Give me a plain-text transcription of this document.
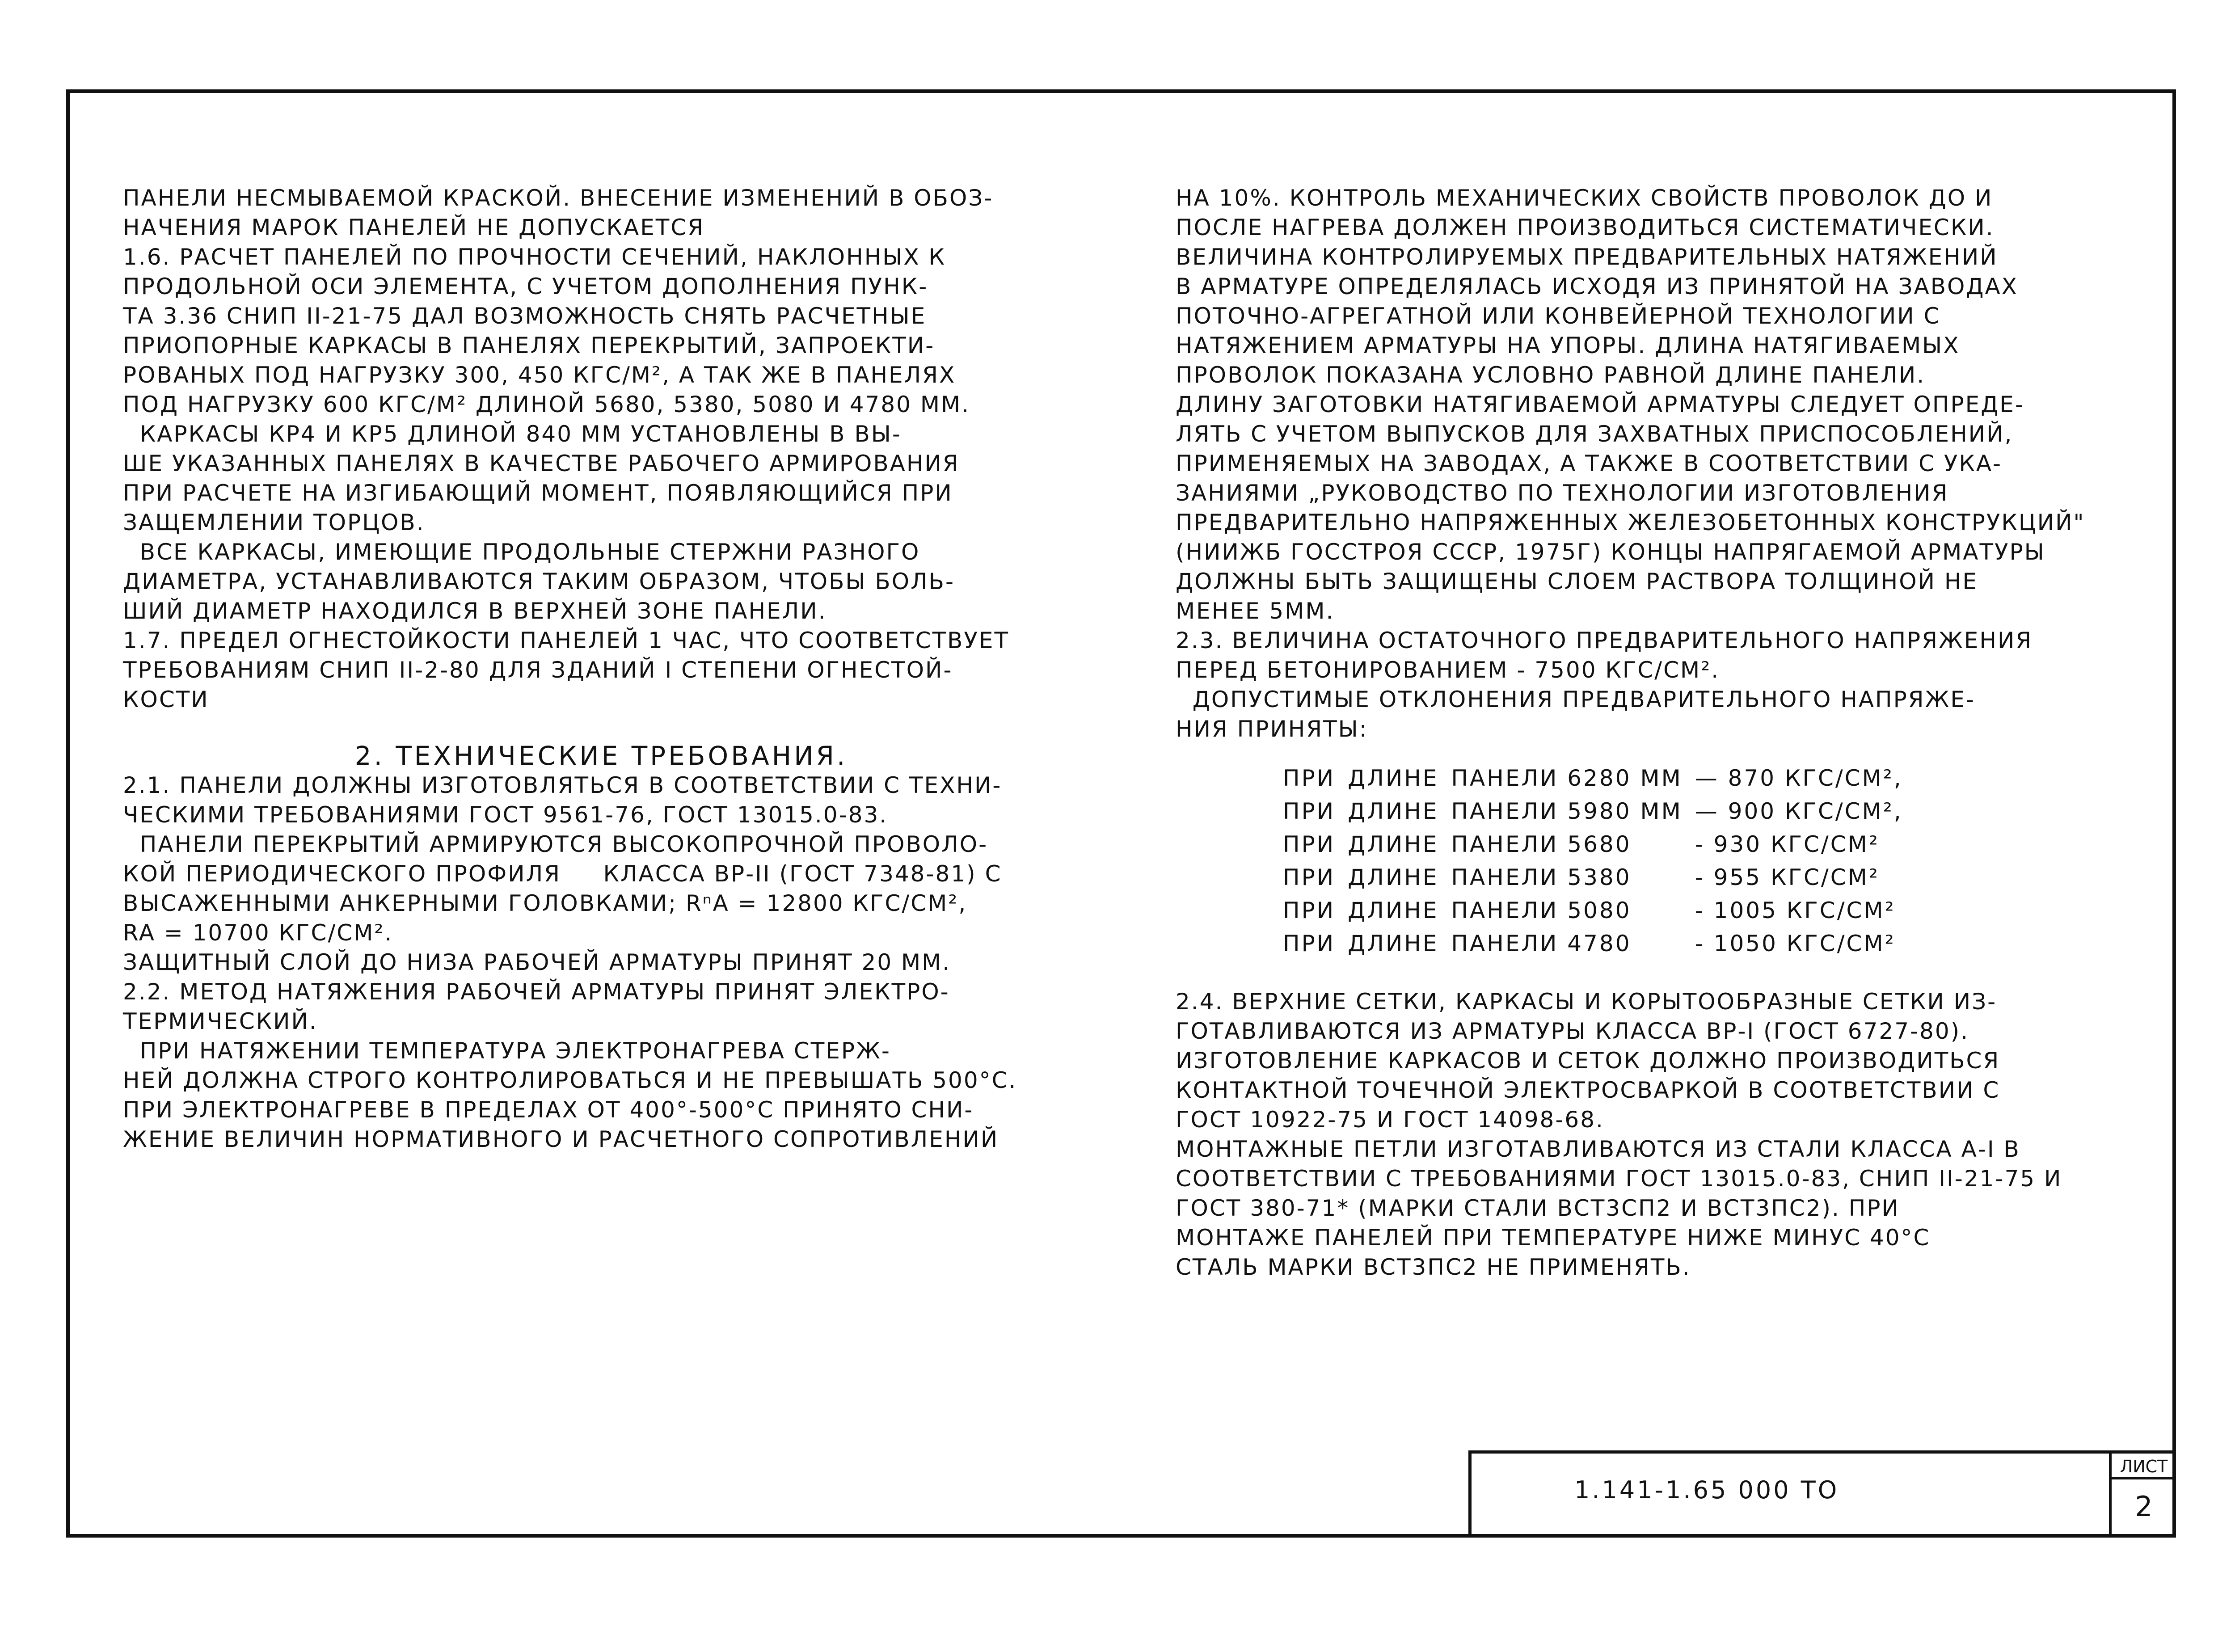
ПАНЕЛИ НЕСМЫВАЕМОЙ КРАСКОЙ. ВНЕСЕНИЕ ИЗМЕНЕНИЙ В ОБОЗ-

НАЧЕНИЯ МАРОК ПАНЕЛЕЙ НЕ ДОПУСКАЕТСЯ

1.6. РАСЧЕТ ПАНЕЛЕЙ ПО ПРОЧНОСТИ СЕЧЕНИЙ, НАКЛОННЫХ К

ПРОДОЛЬНОЙ ОСИ ЭЛЕМЕНТА, С УЧЕТОМ ДОПОЛНЕНИЯ ПУНК-

ТА 3.36 СНИП II-21-75 ДАЛ ВОЗМОЖНОСТЬ СНЯТЬ РАСЧЕТНЫЕ

ПРИОПОРНЫЕ КАРКАСЫ В ПАНЕЛЯХ ПЕРЕКРЫТИЙ, ЗАПРОЕКТИ-

РОВАНЫХ ПОД НАГРУЗКУ 300, 450 КГС/М², А ТАК ЖЕ В ПАНЕЛЯХ

ПОД НАГРУЗКУ 600 КГС/М² ДЛИНОЙ 5680, 5380, 5080 И 4780 ММ.

КАРКАСЫ КР4 И КР5 ДЛИНОЙ 840 ММ УСТАНОВЛЕНЫ В ВЫ-

ШЕ УКАЗАННЫХ ПАНЕЛЯХ В КАЧЕСТВЕ РАБОЧЕГО АРМИРОВАНИЯ

ПРИ РАСЧЕТЕ НА ИЗГИБАЮЩИЙ МОМЕНТ, ПОЯВЛЯЮЩИЙСЯ ПРИ

ЗАЩЕМЛЕНИИ ТОРЦОВ.

ВСЕ КАРКАСЫ, ИМЕЮЩИЕ ПРОДОЛЬНЫЕ СТЕРЖНИ РАЗНОГО

ДИАМЕТРА, УСТАНАВЛИВАЮТСЯ ТАКИМ ОБРАЗОМ, ЧТОБЫ БОЛЬ-

ШИЙ ДИАМЕТР НАХОДИЛСЯ В ВЕРХНЕЙ ЗОНЕ ПАНЕЛИ.

1.7. ПРЕДЕЛ ОГНЕСТОЙКОСТИ ПАНЕЛЕЙ 1 ЧАС, ЧТО СООТВЕТСТВУЕТ

ТРЕБОВАНИЯМ СНИП II-2-80 ДЛЯ ЗДАНИЙ I СТЕПЕНИ ОГНЕСТОЙ-

КОСТИ

2. ТЕХНИЧЕСКИЕ ТРЕБОВАНИЯ.

2.1. ПАНЕЛИ ДОЛЖНЫ ИЗГОТОВЛЯТЬСЯ В СООТВЕТСТВИИ С ТЕХНИ-

ЧЕСКИМИ ТРЕБОВАНИЯМИ ГОСТ 9561-76, ГОСТ 13015.0-83.

ПАНЕЛИ ПЕРЕКРЫТИЙ АРМИРУЮТСЯ ВЫСОКОПРОЧНОЙ ПРОВОЛО-

КОЙ ПЕРИОДИЧЕСКОГО ПРОФИЛЯ     КЛАССА ВР-II (ГОСТ 7348-81) С

ВЫСАЖЕННЫМИ АНКЕРНЫМИ ГОЛОВКАМИ; RⁿA = 12800 КГС/СМ²,

RA = 10700 КГС/СМ².

ЗАЩИТНЫЙ СЛОЙ ДО НИЗА РАБОЧЕЙ АРМАТУРЫ ПРИНЯТ 20 ММ.

2.2. МЕТОД НАТЯЖЕНИЯ РАБОЧЕЙ АРМАТУРЫ ПРИНЯТ ЭЛЕКТРО-

ТЕРМИЧЕСКИЙ.

ПРИ НАТЯЖЕНИИ ТЕМПЕРАТУРА ЭЛЕКТРОНАГРЕВА СТЕРЖ-

НЕЙ ДОЛЖНА СТРОГО КОНТРОЛИРОВАТЬСЯ И НЕ ПРЕВЫШАТЬ 500°С.

ПРИ ЭЛЕКТРОНАГРЕВЕ В ПРЕДЕЛАХ ОТ 400°-500°С ПРИНЯТО СНИ-

ЖЕНИЕ ВЕЛИЧИН НОРМАТИВНОГО И РАСЧЕТНОГО СОПРОТИВЛЕНИЙ

НА 10%. КОНТРОЛЬ МЕХАНИЧЕСКИХ СВОЙСТВ ПРОВОЛОК ДО И

ПОСЛЕ НАГРЕВА ДОЛЖЕН ПРОИЗВОДИТЬСЯ СИСТЕМАТИЧЕСКИ.

ВЕЛИЧИНА КОНТРОЛИРУЕМЫХ ПРЕДВАРИТЕЛЬНЫХ НАТЯЖЕНИЙ

В АРМАТУРЕ ОПРЕДЕЛЯЛАСЬ ИСХОДЯ ИЗ ПРИНЯТОЙ НА ЗАВОДАХ

ПОТОЧНО-АГРЕГАТНОЙ ИЛИ КОНВЕЙЕРНОЙ ТЕХНОЛОГИИ С

НАТЯЖЕНИЕМ АРМАТУРЫ НА УПОРЫ. ДЛИНА НАТЯГИВАЕМЫХ

ПРОВОЛОК ПОКАЗАНА УСЛОВНО РАВНОЙ ДЛИНЕ ПАНЕЛИ.

ДЛИНУ ЗАГОТОВКИ НАТЯГИВАЕМОЙ АРМАТУРЫ СЛЕДУЕТ ОПРЕДЕ-

ЛЯТЬ С УЧЕТОМ ВЫПУСКОВ ДЛЯ ЗАХВАТНЫХ ПРИСПОСОБЛЕНИЙ,

ПРИМЕНЯЕМЫХ НА ЗАВОДАХ, А ТАКЖЕ В СООТВЕТСТВИИ С УКА-

ЗАНИЯМИ „РУКОВОДСТВО ПО ТЕХНОЛОГИИ ИЗГОТОВЛЕНИЯ

ПРЕДВАРИТЕЛЬНО НАПРЯЖЕННЫХ ЖЕЛЕЗОБЕТОННЫХ КОНСТРУКЦИЙ"

(НИИЖБ ГОССТРОЯ СССР, 1975Г) КОНЦЫ НАПРЯГАЕМОЙ АРМАТУРЫ

ДОЛЖНЫ БЫТЬ ЗАЩИЩЕНЫ СЛОЕМ РАСТВОРА ТОЛЩИНОЙ НЕ

МЕНЕЕ 5ММ.

2.3. ВЕЛИЧИНА ОСТАТОЧНОГО ПРЕДВАРИТЕЛЬНОГО НАПРЯЖЕНИЯ

ПЕРЕД БЕТОНИРОВАНИЕМ - 7500 КГС/СМ².

ДОПУСТИМЫЕ ОТКЛОНЕНИЯ ПРЕДВАРИТЕЛЬНОГО НАПРЯЖЕ-

НИЯ ПРИНЯТЫ:

ПРИ	ДЛИНЕ	ПАНЕЛИ 6280 ММ	— 870 КГС/СМ²,
ПРИ	ДЛИНЕ	ПАНЕЛИ 5980 ММ	— 900 КГС/СМ²,
ПРИ	ДЛИНЕ	ПАНЕЛИ 5680	- 930 КГС/СМ²
ПРИ	ДЛИНЕ	ПАНЕЛИ 5380	- 955 КГС/СМ²
ПРИ	ДЛИНЕ	ПАНЕЛИ 5080	- 1005 КГС/СМ²
ПРИ	ДЛИНЕ	ПАНЕЛИ 4780	- 1050 КГС/СМ²

2.4. ВЕРХНИЕ СЕТКИ, КАРКАСЫ И КОРЫТООБРАЗНЫЕ СЕТКИ ИЗ-

ГОТАВЛИВАЮТСЯ ИЗ АРМАТУРЫ КЛАССА ВР-I (ГОСТ 6727-80).

ИЗГОТОВЛЕНИЕ КАРКАСОВ И СЕТОК ДОЛЖНО ПРОИЗВОДИТЬСЯ

КОНТАКТНОЙ ТОЧЕЧНОЙ ЭЛЕКТРОСВАРКОЙ В СООТВЕТСТВИИ С

ГОСТ 10922-75 И ГОСТ 14098-68.

МОНТАЖНЫЕ ПЕТЛИ ИЗГОТАВЛИВАЮТСЯ ИЗ СТАЛИ КЛАССА А-I В

СООТВЕТСТВИИ С ТРЕБОВАНИЯМИ ГОСТ 13015.0-83, СНИП II-21-75 И

ГОСТ 380-71* (МАРКИ СТАЛИ ВСТ3СП2 И ВСТ3ПС2). ПРИ

МОНТАЖЕ ПАНЕЛЕЙ ПРИ ТЕМПЕРАТУРЕ НИЖЕ МИНУС 40°С

СТАЛЬ МАРКИ ВСТ3ПС2 НЕ ПРИМЕНЯТЬ.

1.141-1.65 000 ТО
ЛИСТ
2
